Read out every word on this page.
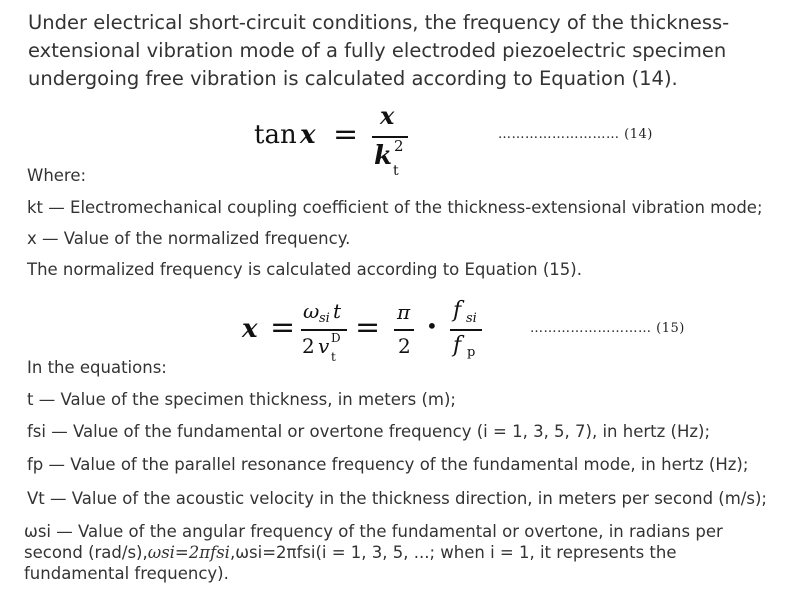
Under electrical short-circuit conditions, the frequency of the thickness-extensional vibration mode of a fully electroded piezoelectric specimen undergoing free vibration is calculated according to Equation (14).

tan x =
x
k 2
t
……………………… (14)

Where:

kt — Electromechanical coupling coefficient of the thickness-extensional vibration mode;

x — Value of the normalized frequency.

The normalized frequency is calculated according to Equation (15).

x = ω si t
2 v D
t
= π
2
•
f si
f p
……………………… (15)

In the equations:

t — Value of the specimen thickness, in meters (m);

fsi — Value of the fundamental or overtone frequency (i = 1, 3, 5, 7), in hertz (Hz);

fp — Value of the parallel resonance frequency of the fundamental mode, in hertz (Hz);

Vt — Value of the acoustic velocity in the thickness direction, in meters per second (m/s);

ωsi — Value of the angular frequency of the fundamental or overtone, in radians per second (rad/s),ωsi=2πfsi,ωsi=2πfsi(i = 1, 3, 5, ...; when i = 1, it represents the fundamental frequency).
